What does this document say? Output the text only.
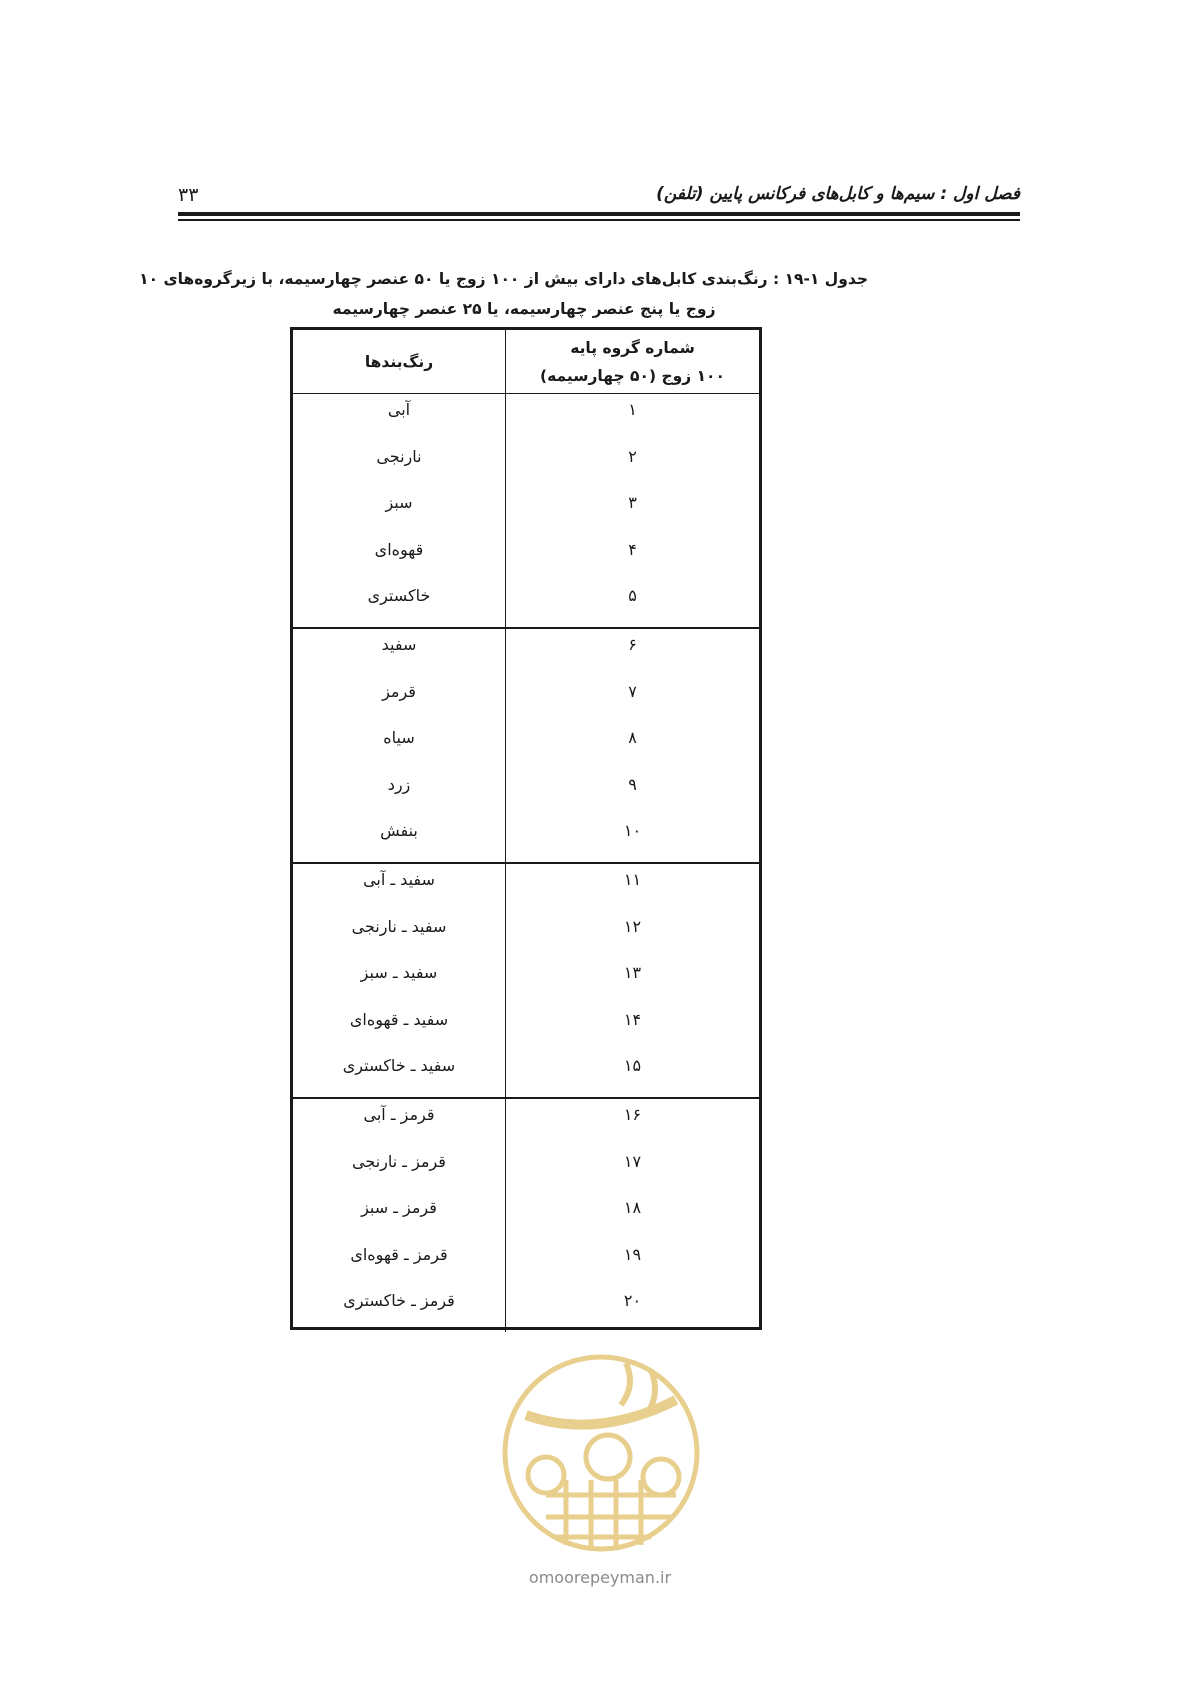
فصل اول : سیم‌ها و کابل‌های فرکانس پایین (تلفن)
۳۳
جدول ۱-۱۹ : رنگ‌بندی کابل‌های دارای بیش از ۱۰۰ زوج یا ۵۰ عنصر چهارسیمه، با زیرگروه‌های ۱۰
زوج یا پنج عنصر چهارسیمه، یا ۲۵ عنصر چهارسیمه
شماره گروه پایه
۱۰۰ زوج (۵۰ چهارسیمه)
رنگ‌بندها
۱
آبی
۲
نارنجی
۳
سبز
۴
قهوه‌ای
۵
خاکستری
۶
سفید
۷
قرمز
۸
سیاه
۹
زرد
۱۰
بنفش
۱۱
سفید ـ آبی
۱۲
سفید ـ نارنجی
۱۳
سفید ـ سبز
۱۴
سفید ـ قهوه‌ای
۱۵
سفید ـ خاکستری
۱۶
قرمز ـ آبی
۱۷
قرمز ـ نارنجی
۱۸
قرمز ـ سبز
۱۹
قرمز ـ قهوه‌ای
۲۰
قرمز ـ خاکستری
omoorepeyman.ir
